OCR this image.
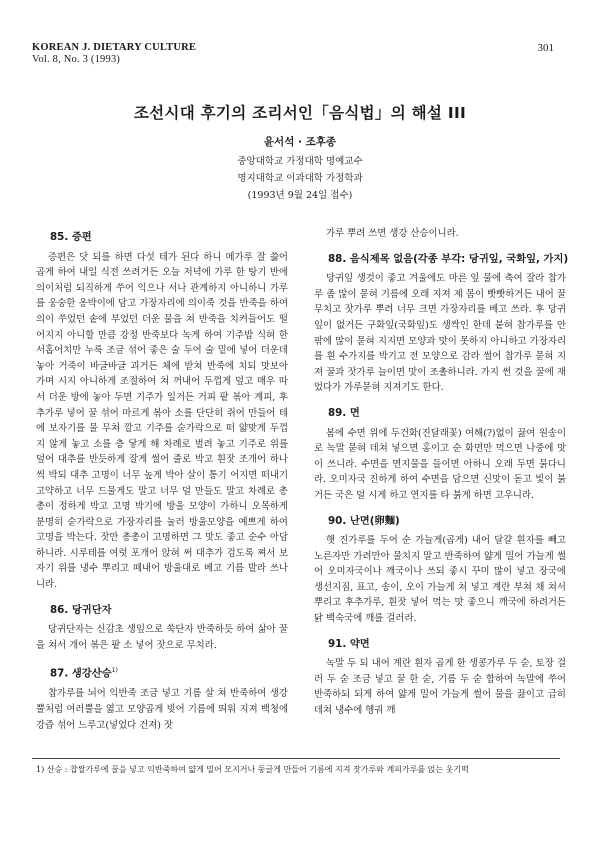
KOREAN J. DIETARY CULTURE
Vol. 8, No. 3 (1993)
301
조선시대 후기의 조리서인「음식법」의 해설 III
윤서석 · 조후종
중앙대학교 가정대학 명예교수
명지대학교 이과대학 가정학과
(1993년 9월 24일 접수)
85. 증편

증편은 닷 되를 하면 다섯 테가 된다 하니 메가루 잘 쓿어 곱게 하여 내일 식전 쓰려거든 오늘 저녁에 가루 한 탕기 반에 의이처럼 되직하게 쑤어 익으나 서나 관계하지 아니하니 가루를 웅숭한 옹박이에 담고 가장자리에 의이죽 것을 반죽을 하여 의이 쑤었던 솥에 부었던 더운 물을 쳐 반죽을 치켜들어도 떨어지지 아니할 만큼 강정 반죽보다 녹게 하여 기주밥 식혀 한 서홉어치만 누룩 조금 섞어 좋은 술 두어 술 밑에 넣어 더운데 놓아 거죽이 바글바글 괴거든 체에 받쳐 반죽에 치되 맛보아 가며 시지 아니하게 조절하여 쳐 꺼내어 두껍게 덮고 매우 따서 더운 방에 놓아 두면 기주가 일거든 거피 팥 볶아 계피, 후추가루 넣어 꿀 섞어 마르게 볶아 소를 단단히 쥐어 만들어 테에 보자기를 물 무쳐 깔고 기주를 숟가락으로 떠 얇맞게 두껍지 않게 놓고 소를 층 닿게 해 차례로 벌려 놓고 기주로 위를 덮어 대추를 반듯하게 잘게 썰어 줄로 박고 흰잣 조개어 하나씩 박되 대추 고명이 너무 높게 박아 살이 통기 어지면 떠내기 고약하고 너무 드물게도 말고 너무 덜 만들도 말고 차례로 총총이 정하게 박고 고명 박기에 방울 모양이 가하니 오목하게 분명히 숟가락으로 가장자리를 눌러 방울모양을 예쁘게 하여 고명을 박는다. 잣만 총총이 고명하면 그 맛도 좋고 순수 아담하니라. 시루테를 여럿 포개어 앉혀 써 대추가 검도록 쪄서 보자기 위를 냉수 뿌리고 떼내어 방울대로 베고 기름 발라 쓰나니라.

86. 당귀단자

당귀단자는 신감초 생잎으로 쑥단자 반죽하듯 하여 삶아 꿀을 쳐서 개어 볶은 팥 소 넣어 잣으로 무치라.

87. 생강산승$^{1)}$

찹가루를 뇌어 익반죽 조금 넣고 기름 살 쳐 반죽하여 생강뿔처럼 여러뿔을 엷고 모양곱게 빚어 기름에 띄워 지져 백청에 강즙 섞어 느루고(넣었다 건져) 잣

가루 뿌려 쓰면 생강 산승이니라.

88. 음식제목 없음(각종 부각: 당귀잎, 국화잎, 가지)

당귀잎 생것이 좋고 겨울에도 마른 잎 물에 축여 잘라 찹가루 좀 많이 묻혀 기름에 오래 지져 제 몸이 빳빳하거든 내어 꿀 무치고 잣가루 뿌려 너무 크면 가장자리를 베고 쓰라. 후 당귀잎이 없거든 구화잎(국화잎)도 생싹인 한데 붙혀 찹가루를 안팎에 많이 묻혀 지지면 모양과 맛이 못하지 아니하고 가장자리를 흰 수가지를 박기고 전 모양으로 감라 썰어 찹가루 묻혀 지져 꿀과 잣가루 늘이면 맛이 조촐하니라. 가지 썬 것을 꿀에 재었다가 가루묻혀 지져기도 한다.

89. 면

봄에 수면 위에 두건화(진달래꽃) 여해(?)없이 끓여 원송이로 녹말 묻혀 데쳐 넣으면 홍이고 순 화면만 먹으면 나중에 맛이 쓰니라. 수면을 면지물을 들이면 아하니 오래 두면 묽다니라. 오미자국 진하게 하여 수면을 담으면 신맛이 돋고 빛이 붉거든 국은 덜 시게 하고 연지를 타 붉게 하면 고우니라.

90. 난면(卵麵)

햇 진가루를 두어 순 가늘게(곱게) 내어 달걀 흰자를 빼고 노른자만 가려만아 물치지 말고 반죽하여 얇게 밀어 가늘게 썰어 오미자국이나 깨국이나 쓰되 좋시 꾸미 많이 넣고 장국에 생선지짐, 표고, 송이, 오이 가늘게 쳐 넣고 계란 부쳐 채 쳐서 뿌리고 후추가루, 흰잣 넣어 먹는 맛 좋으니 깨국에 하려거든 닭 백숙국에 깨를 걸러라.

91. 약면

녹말 두 되 내어 계란 흰자 곱게 한 생콩가루 두 숟, 토장 걸러 두 숟 조금 넣고 꿀 한 숟, 기름 두 숟 합하여 녹말에 쑤어 반죽하되 되게 하여 얇게 밀어 가늘게 썰어 물을 끓이고 급히 데쳐 냉수에 헹궈 깨

1) 산승 : 찹쌀가루에 꿀을 넣고 익반죽하여 얇게 밀어 모지거나 둥글게 만들어 기름에 지져 잣가루와 계피가루를 얹는 웃기떡
